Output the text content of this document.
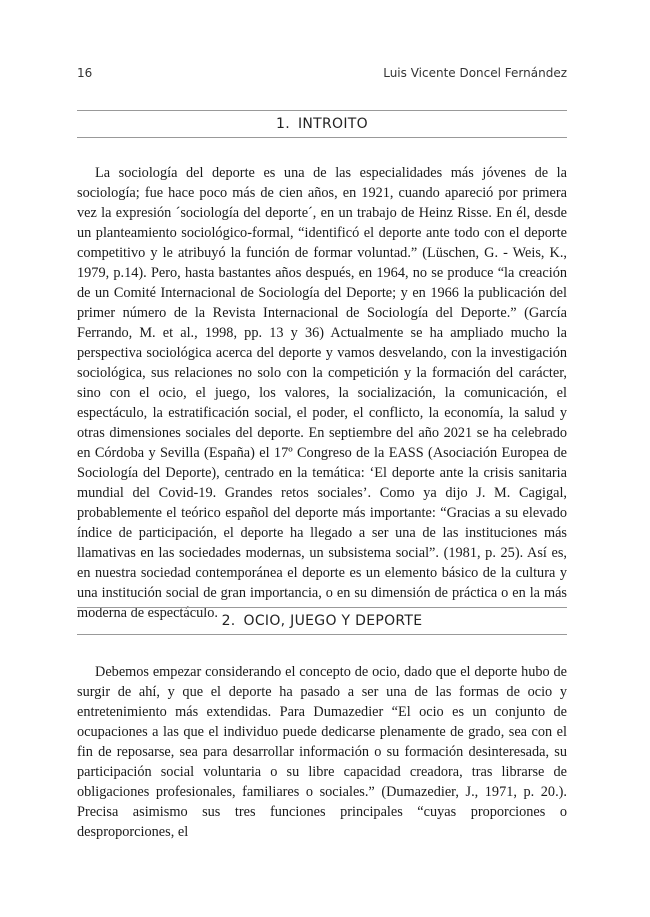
16	Luis Vicente Doncel Fernández
1. INTROITO

La sociología del deporte es una de las especialidades más jóvenes de la sociología; fue hace poco más de cien años, en 1921, cuando apareció por primera vez la expresión ´sociología del deporte´, en un trabajo de Heinz Risse. En él, desde un planteamiento sociológico-formal, “identificó el deporte ante todo con el deporte competitivo y le atribuyó la función de formar voluntad.” (Lüschen, G. - Weis, K., 1979, p.14). Pero, hasta bastantes años después, en 1964, no se produce “la creación de un Comité Internacional de Sociología del Deporte; y en 1966 la publicación del primer número de la Revista Internacional de Sociología del Deporte.” (García Ferrando, M. et al., 1998, pp. 13 y 36) Actualmente se ha ampliado mucho la perspectiva sociológica acerca del deporte y vamos desvelando, con la investigación sociológica, sus relaciones no solo con la competición y la formación del carácter, sino con el ocio, el juego, los valores, la socialización, la comunicación, el espectáculo, la estratificación social, el poder, el conflicto, la economía, la salud y otras dimensiones sociales del deporte. En septiembre del año 2021 se ha celebrado en Córdoba y Sevilla (España) el 17º Congreso de la EASS (Asociación Europea de Sociología del Deporte), centrado en la temática: ‘El deporte ante la crisis sanitaria mundial del Covid-19. Grandes retos sociales’. Como ya dijo J. M. Cagigal, probablemente el teórico español del deporte más importante: “Gracias a su elevado índice de participación, el deporte ha llegado a ser una de las instituciones más llamativas en las sociedades modernas, un subsistema social”. (1981, p. 25). Así es, en nuestra sociedad contemporánea el deporte es un elemento básico de la cultura y una institución social de gran importancia, o en su dimensión de práctica o en la más moderna de espectáculo. 2. OCIO, JUEGO Y DEPORTE

Debemos empezar considerando el concepto de ocio, dado que el deporte hubo de surgir de ahí, y que el deporte ha pasado a ser una de las formas de ocio y entretenimiento más extendidas. Para Dumazedier “El ocio es un conjunto de ocupaciones a las que el individuo puede dedicarse plenamente de grado, sea con el fin de reposarse, sea para desarrollar información o su formación desinteresada, su participación social voluntaria o su libre capacidad creadora, tras librarse de obligaciones profesionales, familiares o sociales.” (Dumazedier, J., 1971, p. 20.). Precisa asimismo sus tres funciones principales “cuyas proporciones o desproporciones, el
